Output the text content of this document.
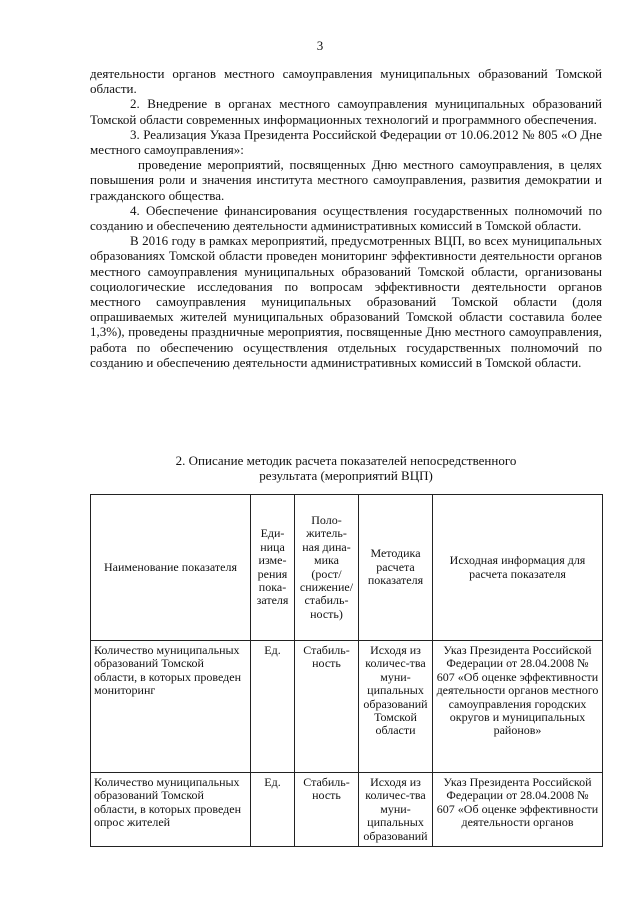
3

деятельности органов местного самоуправления муниципальных образований Томской области.

2. Внедрение в органах местного самоуправления муниципальных образований Томской области современных информационных технологий и программного обеспечения.

3. Реализация Указа Президента Российской Федерации от 10.06.2012 № 805 «О Дне местного самоуправления»:

проведение мероприятий, посвященных Дню местного самоуправления, в целях повышения роли и значения института местного самоуправления, развития демократии и гражданского общества.

4. Обеспечение финансирования осуществления государственных полномочий по созданию и обеспечению деятельности административных комиссий в Томской области.

В 2016 году в рамках мероприятий, предусмотренных ВЦП, во всех муниципальных образованиях Томской области проведен мониторинг эффективности деятельности органов местного самоуправления муниципальных образований Томской области, организованы социологические исследования по вопросам эффективности деятельности органов местного самоуправления муниципальных образований Томской области (доля опрашиваемых жителей муниципальных образований Томской области составила более 1,3%), проведены праздничные мероприятия, посвященные Дню местного самоуправления, работа по обеспечению осуществления отдельных государственных полномочий по созданию и обеспечению деятельности административных комиссий в Томской области.

2. Описание методик расчета показателей непосредственного
результата (мероприятий ВЦП)
Наименование показателя	Еди-ница изме-рения пока-зателя	Поло-житель-ная дина-мика (рост/ снижение/ стабиль-ность)	Методика расчета показателя	Исходная информация для расчета показателя
Количество муниципальных образований Томской области, в которых проведен мониторинг	Ед.	Стабиль-ность	Исходя из количес-тва муни-ципальных образований Томской области	Указ Президента Российской Федерации от 28.04.2008 № 607 «Об оценке эффективности деятельности органов местного самоуправления городских округов и муниципальных районов»
Количество муниципальных образований Томской области, в которых проведен опрос жителей	Ед.	Стабиль-ность	Исходя из количес-тва муни-ципальных образований	Указ Президента Российской Федерации от 28.04.2008 № 607 «Об оценке эффективности деятельности органов
